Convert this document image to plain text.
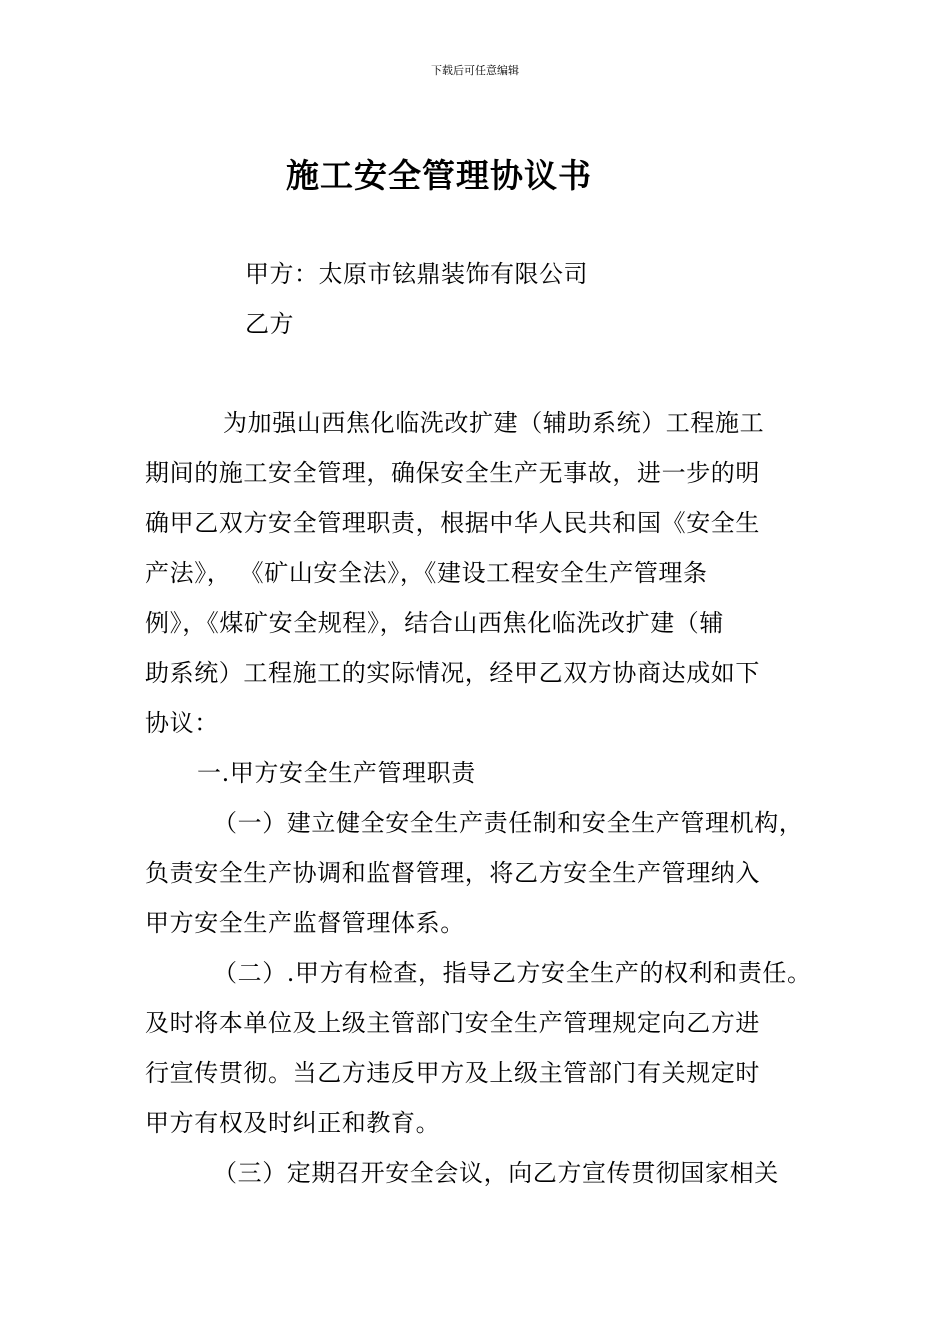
下载后可任意编辑
施工安全管理协议书
甲方：太原市铉鼎装饰有限公司
乙方
为加强山西焦化临洗改扩建（辅助系统）工程施工
期间的施工安全管理，确保安全生产无事故，进一步的明
确甲乙双方安全管理职责，根据中华人民共和国《安全生
产法》， 《矿山安全法》，《建设工程安全生产管理条
例》，《煤矿安全规程》，结合山西焦化临洗改扩建（辅
助系统）工程施工的实际情况，经甲乙双方协商达成如下
协议：
一.甲方安全生产管理职责
（一）建立健全安全生产责任制和安全生产管理机构，
负责安全生产协调和监督管理，将乙方安全生产管理纳入
甲方安全生产监督管理体系。
（二）.甲方有检查，指导乙方安全生产的权利和责任。
及时将本单位及上级主管部门安全生产管理规定向乙方进
行宣传贯彻。当乙方违反甲方及上级主管部门有关规定时
甲方有权及时纠正和教育。
（三）定期召开安全会议，向乙方宣传贯彻国家相关
